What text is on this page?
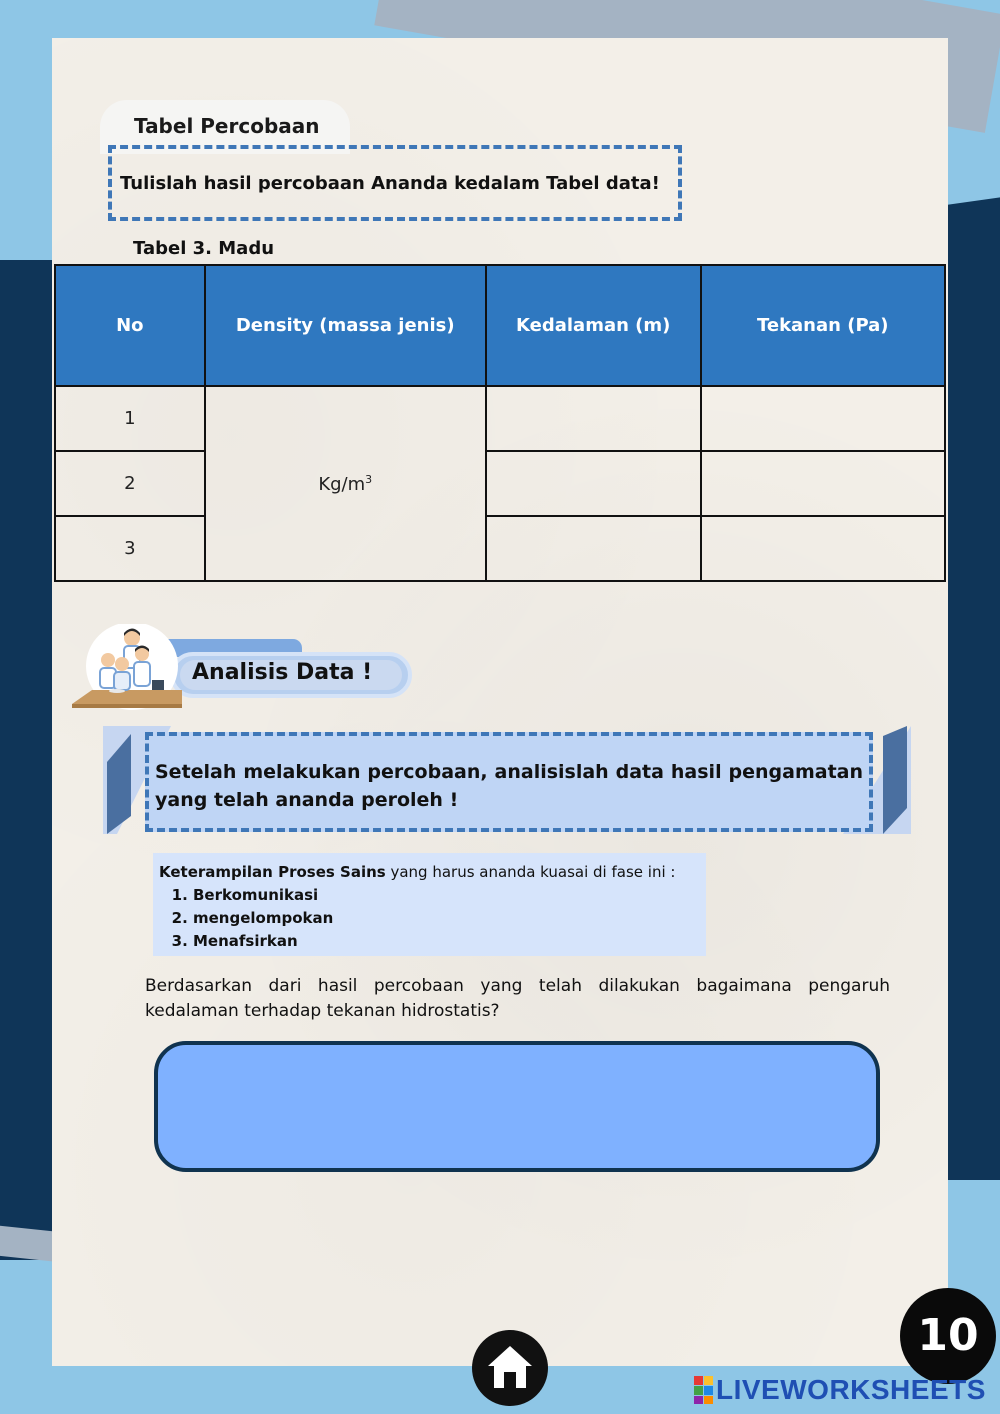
Tabel Percobaan
Tulislah hasil percobaan Ananda kedalam Tabel data!
Tabel 3. Madu
No	Density (massa jenis)	Kedalaman (m)	Tekanan (Pa)
1	$Kg/m^3$		
2			
3			
Analisis Data !
Setelah melakukan percobaan, analisislah data hasil pengamatan yang telah ananda peroleh !
Keterampilan Proses Sains yang harus ananda kuasai di fase ini :
1. Berkomunikasi
2. mengelompokan
3. Menafsirkan
Berdasarkan dari hasil percobaan yang telah dilakukan bagaimana pengaruh kedalaman terhadap tekanan hidrostatis?
10
LIVEWORKSHEETS
